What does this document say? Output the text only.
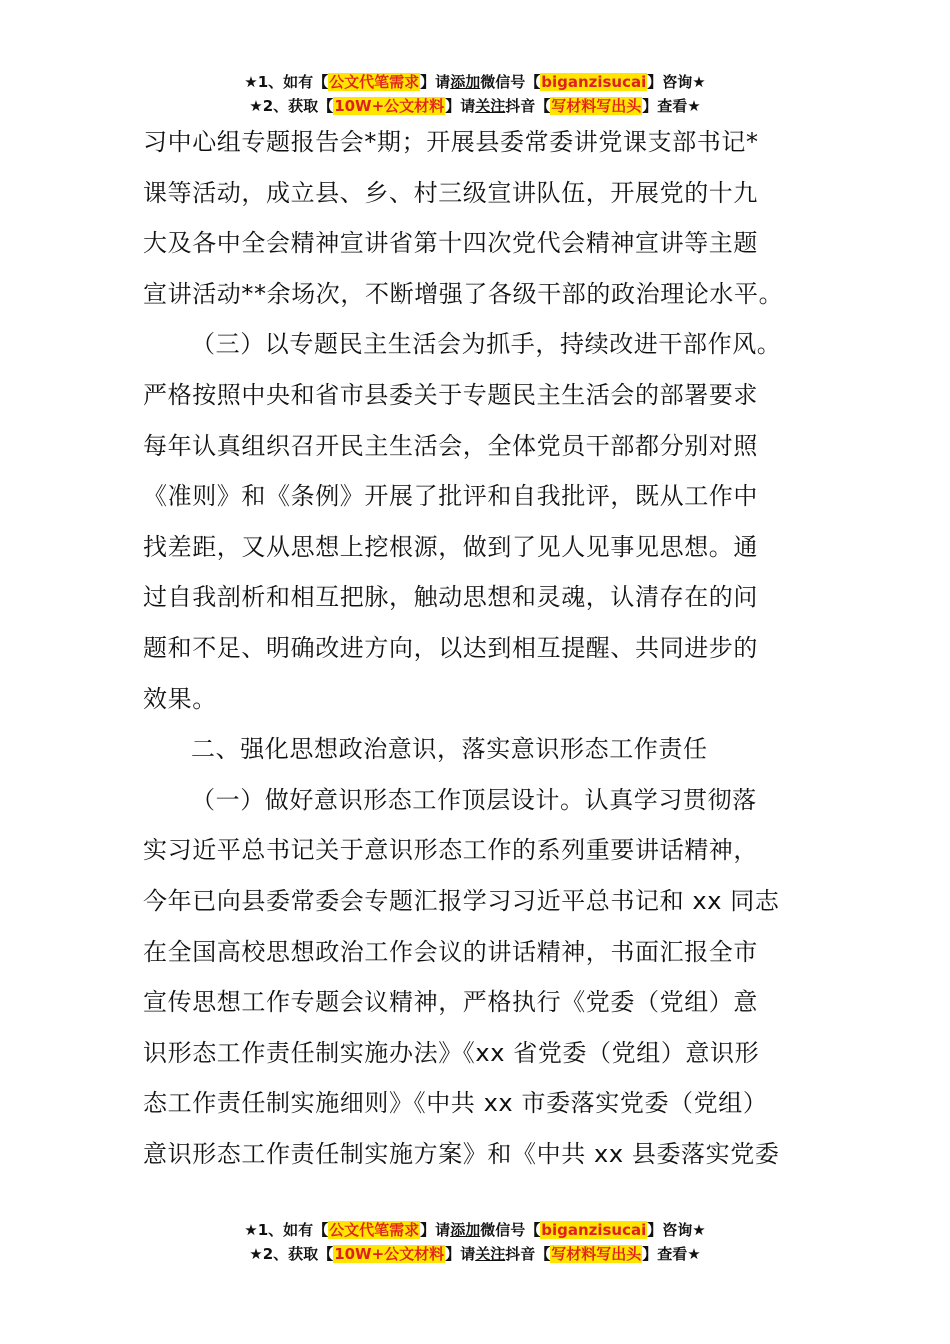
★1、如有【公文代笔需求】请添加微信号【biganzisucai】咨询★
★2、获取【10W+公文材料】请关注抖音【写材料写出头】查看★
习中心组专题报告会*期；开展县委常委讲党课支部书记*
课等活动，成立县、乡、村三级宣讲队伍，开展党的十九
大及各中全会精神宣讲省第十四次党代会精神宣讲等主题
宣讲活动**余场次，不断增强了各级干部的政治理论水平。
（三）以专题民主生活会为抓手，持续改进干部作风。
严格按照中央和省市县委关于专题民主生活会的部署要求
每年认真组织召开民主生活会，全体党员干部都分别对照
《准则》和《条例》开展了批评和自我批评，既从工作中
找差距，又从思想上挖根源，做到了见人见事见思想。通
过自我剖析和相互把脉，触动思想和灵魂，认清存在的问
题和不足、明确改进方向，以达到相互提醒、共同进步的
效果。
二、强化思想政治意识，落实意识形态工作责任
（一）做好意识形态工作顶层设计。认真学习贯彻落
实习近平总书记关于意识形态工作的系列重要讲话精神，
今年已向县委常委会专题汇报学习习近平总书记和 xx 同志
在全国高校思想政治工作会议的讲话精神，书面汇报全市
宣传思想工作专题会议精神，严格执行《党委（党组）意
识形态工作责任制实施办法》《xx 省党委（党组）意识形
态工作责任制实施细则》《中共 xx 市委落实党委（党组）
意识形态工作责任制实施方案》和《中共 xx 县委落实党委
★1、如有【公文代笔需求】请添加微信号【biganzisucai】咨询★
★2、获取【10W+公文材料】请关注抖音【写材料写出头】查看★
